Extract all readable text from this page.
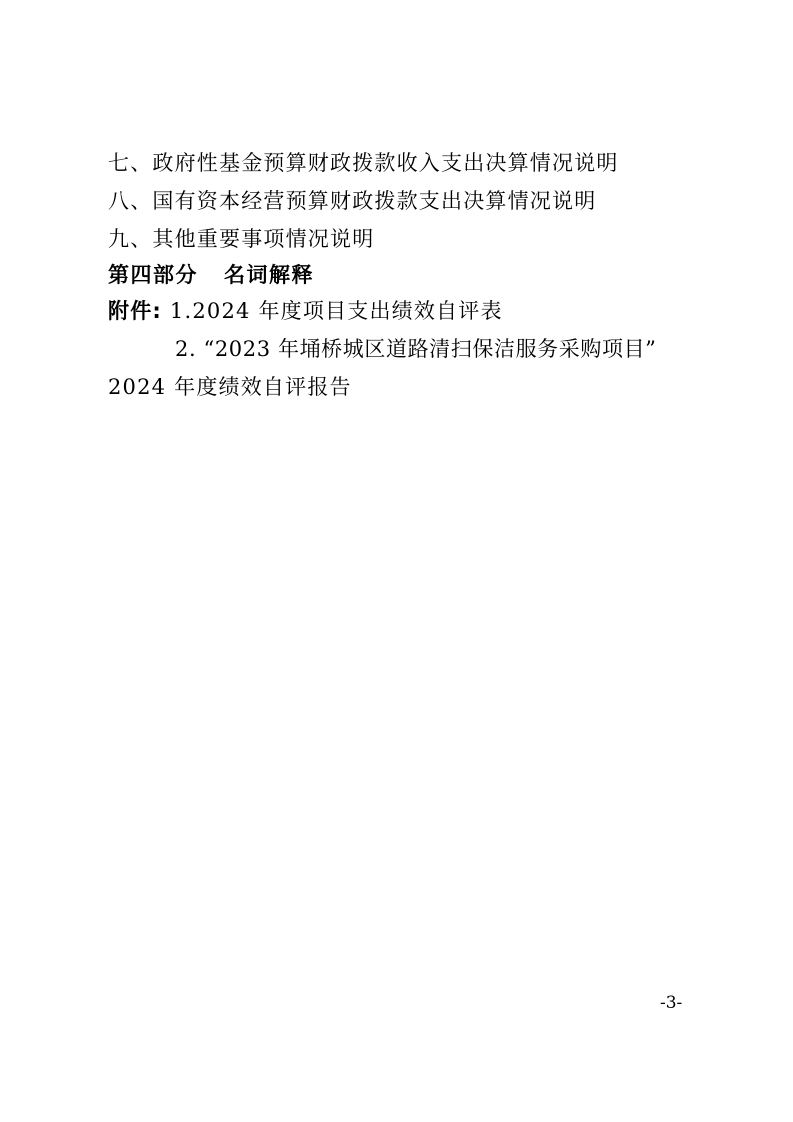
七、政府性基金预算财政拨款收入支出决算情况说明
八、国有资本经营预算财政拨款支出决算情况说明
九、其他重要事项情况说明
第四部分 名词解释
附件: 1.2024 年度项目支出绩效自评表
2. “2023 年埇桥城区道路清扫保洁服务采购项目”
2024 年度绩效自评报告
-3-
